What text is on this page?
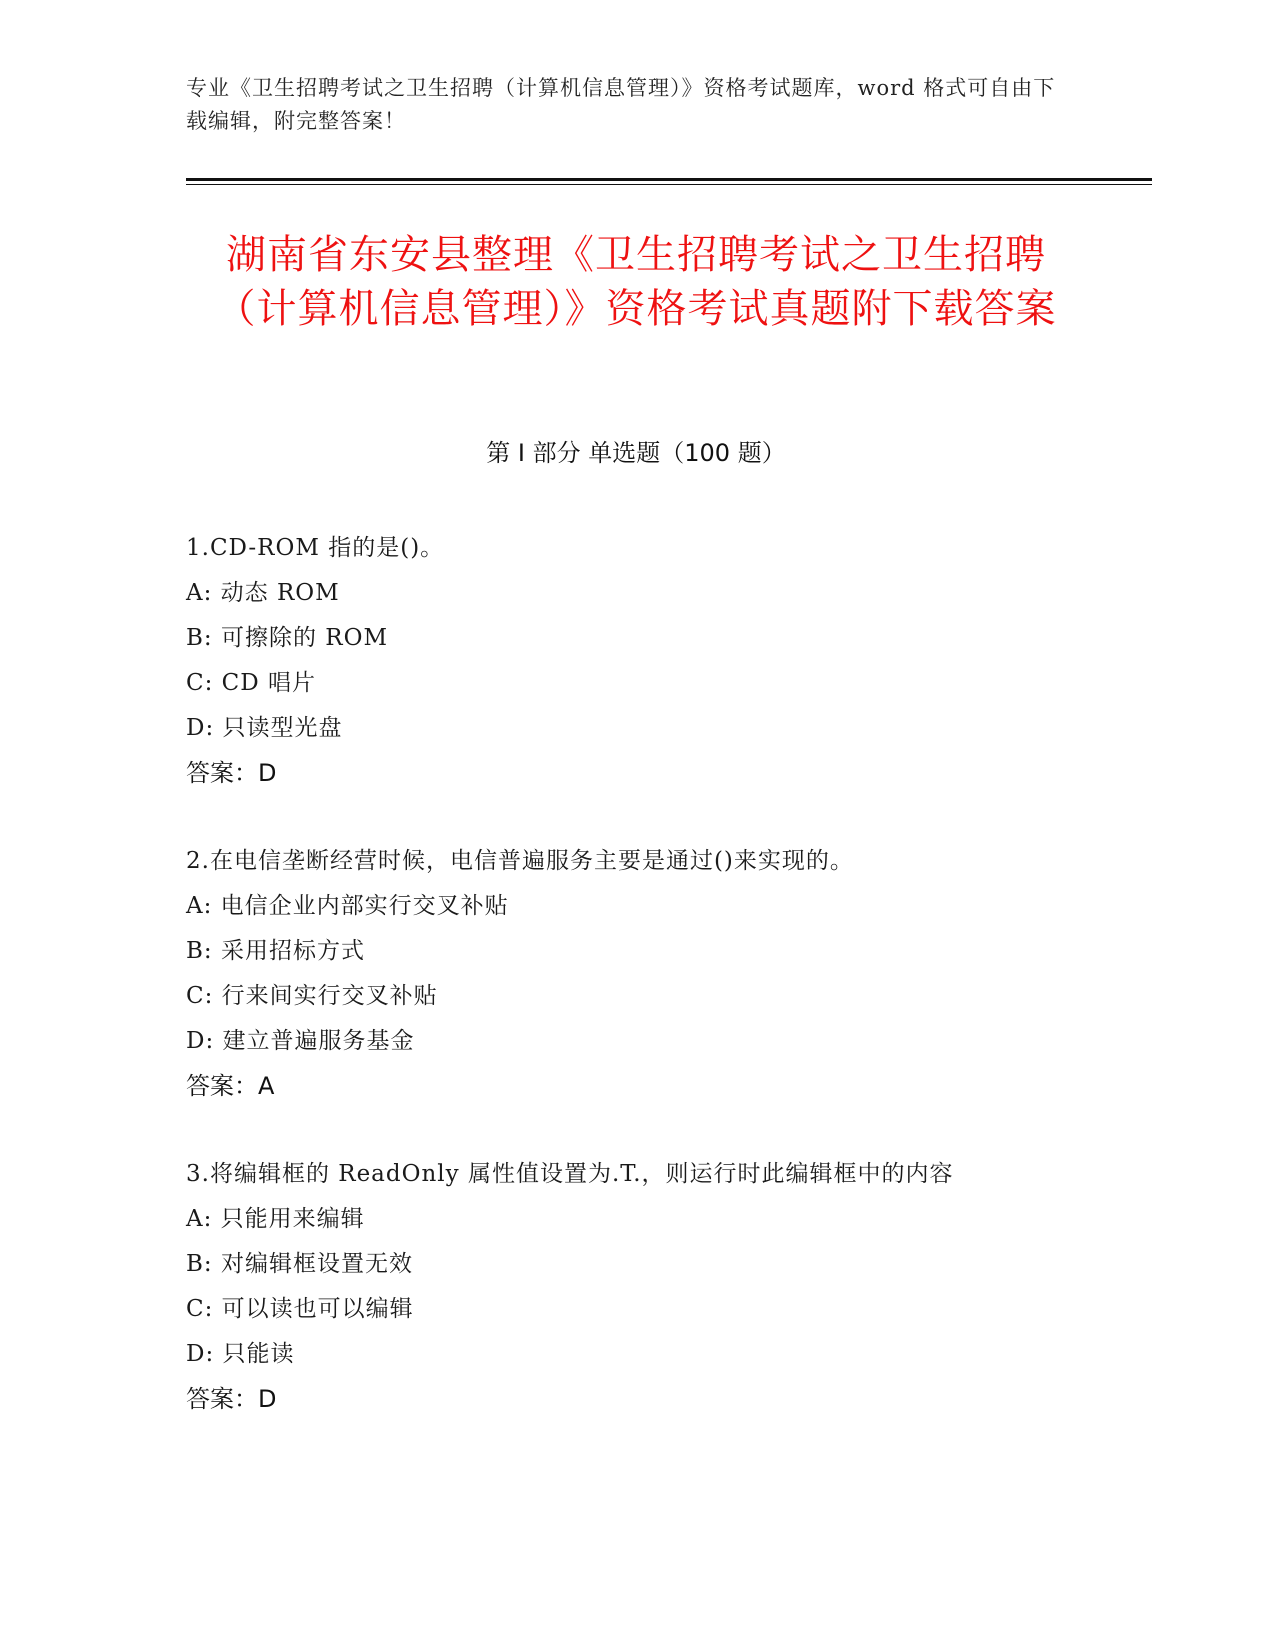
专业《卫生招聘考试之卫生招聘（计算机信息管理）》资格考试题库，word 格式可自由下载编辑，附完整答案！
湖南省东安县整理《卫生招聘考试之卫生招聘（计算机信息管理）》资格考试真题附下载答案
第 I 部分 单选题（100 题）
1.CD-ROM 指的是()。
A: 动态 ROM
B: 可擦除的 ROM
C: CD 唱片
D: 只读型光盘
答案：D
2.在电信垄断经营时候，电信普遍服务主要是通过()来实现的。
A: 电信企业内部实行交叉补贴
B: 采用招标方式
C: 行来间实行交叉补贴
D: 建立普遍服务基金
答案：A
3.将编辑框的 ReadOnly 属性值设置为.T.，则运行时此编辑框中的内容
A: 只能用来编辑
B: 对编辑框设置无效
C: 可以读也可以编辑
D: 只能读
答案：D
